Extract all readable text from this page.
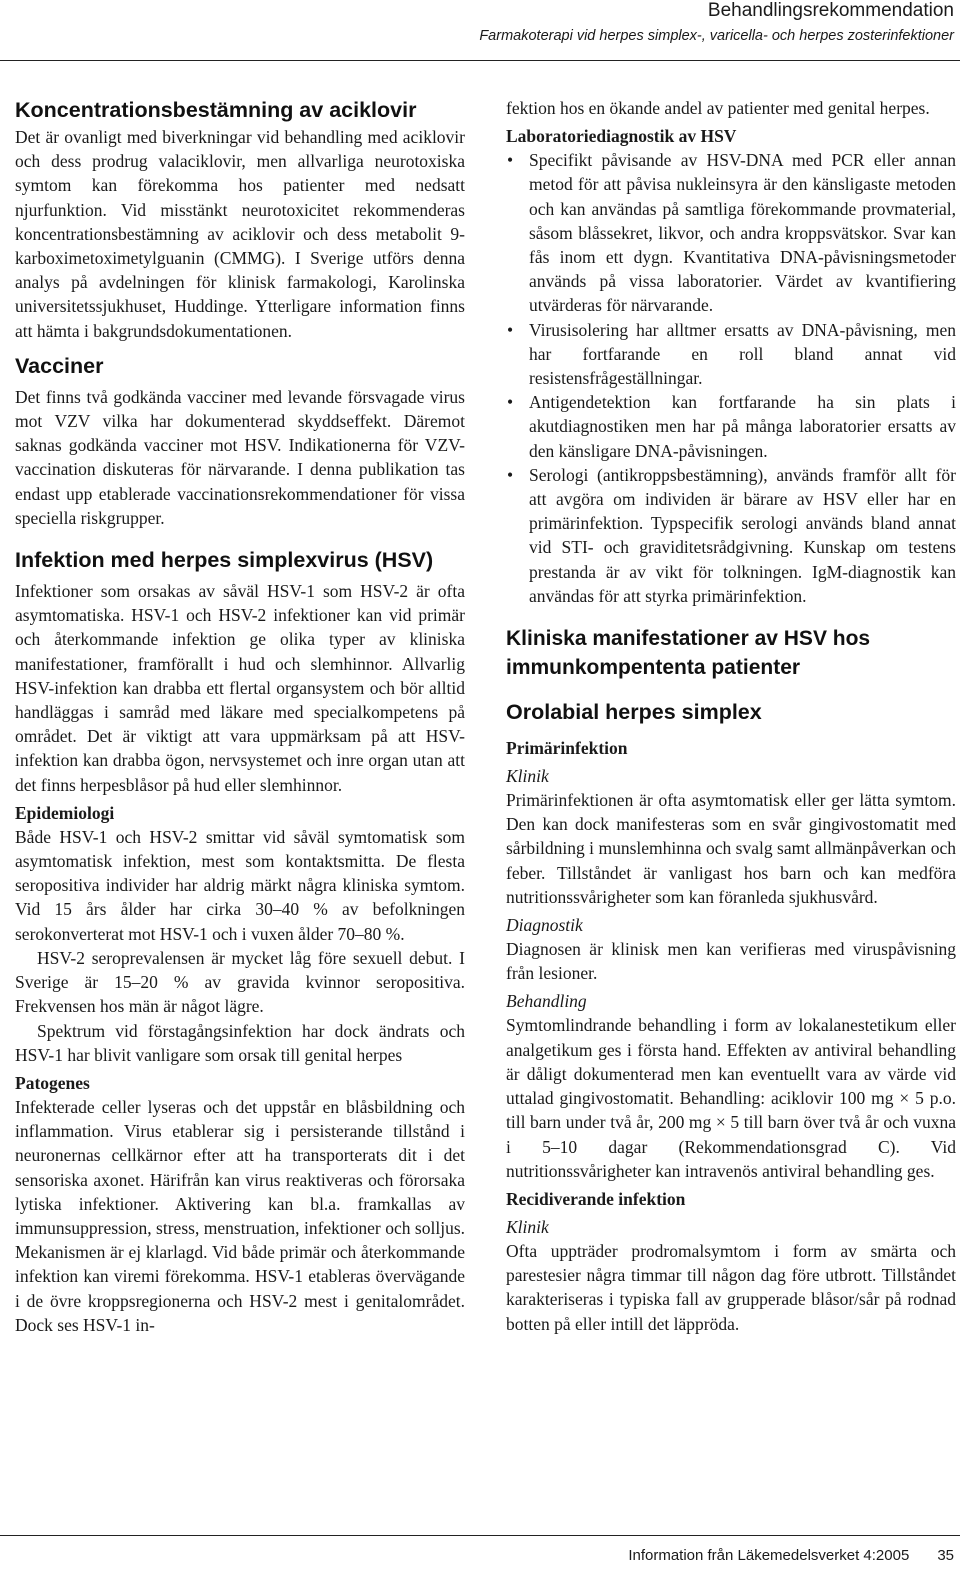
Behandlingsrekommendation
Farmakoterapi vid herpes simplex-, varicella- och herpes zosterinfektioner
Koncentrationsbestämning av aciklovir

Det är ovanligt med biverkningar vid behandling med aciklovir och dess prodrug valaciklovir, men allvarliga neurotoxiska symtom kan förekomma hos patienter med nedsatt njurfunktion. Vid misstänkt neurotoxicitet rekommenderas koncentrationsbestämning av aciklovir och dess metabolit 9-karboximetoximetylguanin (CMMG). I Sverige utförs denna analys på avdelningen för klinisk farmakologi, Karolinska universitetssjukhuset, Huddinge. Ytterligare information finns att hämta i bakgrundsdokumentationen.

Vacciner

Det finns två godkända vacciner med levande försvagade virus mot VZV vilka har dokumenterad skyddseffekt. Däremot saknas godkända vacciner mot HSV. Indikationerna för VZV-vaccination diskuteras för närvarande. I denna publikation tas endast upp etablerade vaccinationsrekommendationer för vissa speciella riskgrupper.

Infektion med herpes simplexvirus (HSV)

Infektioner som orsakas av såväl HSV-1 som HSV-2 är ofta asymtomatiska. HSV-1 och HSV-2 infektioner kan vid primär och återkommande infektion ge olika typer av kliniska manifestationer, framförallt i hud och slemhinnor. Allvarlig HSV-infektion kan drabba ett flertal organsystem och bör alltid handläggas i samråd med läkare med specialkompetens på området. Det är viktigt att vara uppmärksam på att HSV-infektion kan drabba ögon, nervsystemet och inre organ utan att det finns herpesblåsor på hud eller slemhinnor.

Epidemiologi

Både HSV-1 och HSV-2 smittar vid såväl symtomatisk som asymtomatisk infektion, mest som kontaktsmitta. De flesta seropositiva individer har aldrig märkt några kliniska symtom. Vid 15 års ålder har cirka 30–40 % av befolkningen serokonverterat mot HSV-1 och i vuxen ålder 70–80 %.

HSV-2 seroprevalensen är mycket låg före sexuell debut. I Sverige är 15–20 % av gravida kvinnor seropositiva. Frekvensen hos män är något lägre.

Spektrum vid förstagångsinfektion har dock ändrats och HSV-1 har blivit vanligare som orsak till genital herpes

Patogenes

Infekterade celler lyseras och det uppstår en blåsbildning och inflammation. Virus etablerar sig i persisterande tillstånd i neuronernas cellkärnor efter att ha transporterats dit i det sensoriska axonet. Härifrån kan virus reaktiveras och förorsaka lytiska infektioner. Aktivering kan bl.a. framkallas av immunsuppression, stress, menstruation, infektioner och solljus. Mekanismen är ej klarlagd. Vid både primär och återkommande infektion kan viremi förekomma. HSV-1 etableras övervägande i de övre kroppsregionerna och HSV-2 mest i genitalområdet. Dock ses HSV-1 in-

fektion hos en ökande andel av patienter med genital herpes.

Laboratoriediagnostik av HSV
• Specifikt påvisande av HSV-DNA med PCR eller annan metod för att påvisa nukleinsyra är den känsligaste metoden och kan användas på samtliga förekommande provmaterial, såsom blåssekret, likvor, och andra kroppsvätskor. Svar kan fås inom ett dygn. Kvantitativa DNA-påvisningsmetoder används på vissa laboratorier. Värdet av kvantifiering utvärderas för närvarande.
• Virusisolering har alltmer ersatts av DNA-påvisning, men har fortfarande en roll bland annat vid resistensfrågeställningar.
• Antigendetektion kan fortfarande ha sin plats i akutdiagnostiken men har på många laboratorier ersatts av den känsligare DNA-påvisningen.
• Serologi (antikroppsbestämning), används framför allt för att avgöra om individen är bärare av HSV eller har en primärinfektion. Typspecifik serologi används bland annat vid STI- och graviditetsrådgivning. Kunskap om testens prestanda är av vikt för tolkningen. IgM-diagnostik kan användas för att styrka primärinfektion.
Kliniska manifestationer av HSV hos immunkompententa patienter
Orolabial herpes simplex
Primärinfektion
Klinik

Primärinfektionen är ofta asymtomatisk eller ger lätta symtom. Den kan dock manifesteras som en svår gingivostomatit med sårbildning i munslemhinna och svalg samt allmänpåverkan och feber. Tillståndet är vanligast hos barn och kan medföra nutritionssvårigheter som kan föranleda sjukhusvård.

Diagnostik

Diagnosen är klinisk men kan verifieras med viruspåvisning från lesioner.

Behandling

Symtomlindrande behandling i form av lokalanestetikum eller analgetikum ges i första hand. Effekten av antiviral behandling är dåligt dokumenterad men kan eventuellt vara av värde vid uttalad gingivostomatit. Behandling: aciklovir 100 mg × 5 p.o. till barn under två år, 200 mg × 5 till barn över två år och vuxna i 5–10 dagar (Rekommendationsgrad C). Vid nutritionssvårigheter kan intravenös antiviral behandling ges.

Recidiverande infektion
Klinik

Ofta uppträder prodromalsymtom i form av smärta och parestesier några timmar till någon dag före utbrott. Tillståndet karakteriseras i typiska fall av grupperade blåsor/sår på rodnad botten på eller intill det läppröda.

Information från Läkemedelsverket 4:2005 35
